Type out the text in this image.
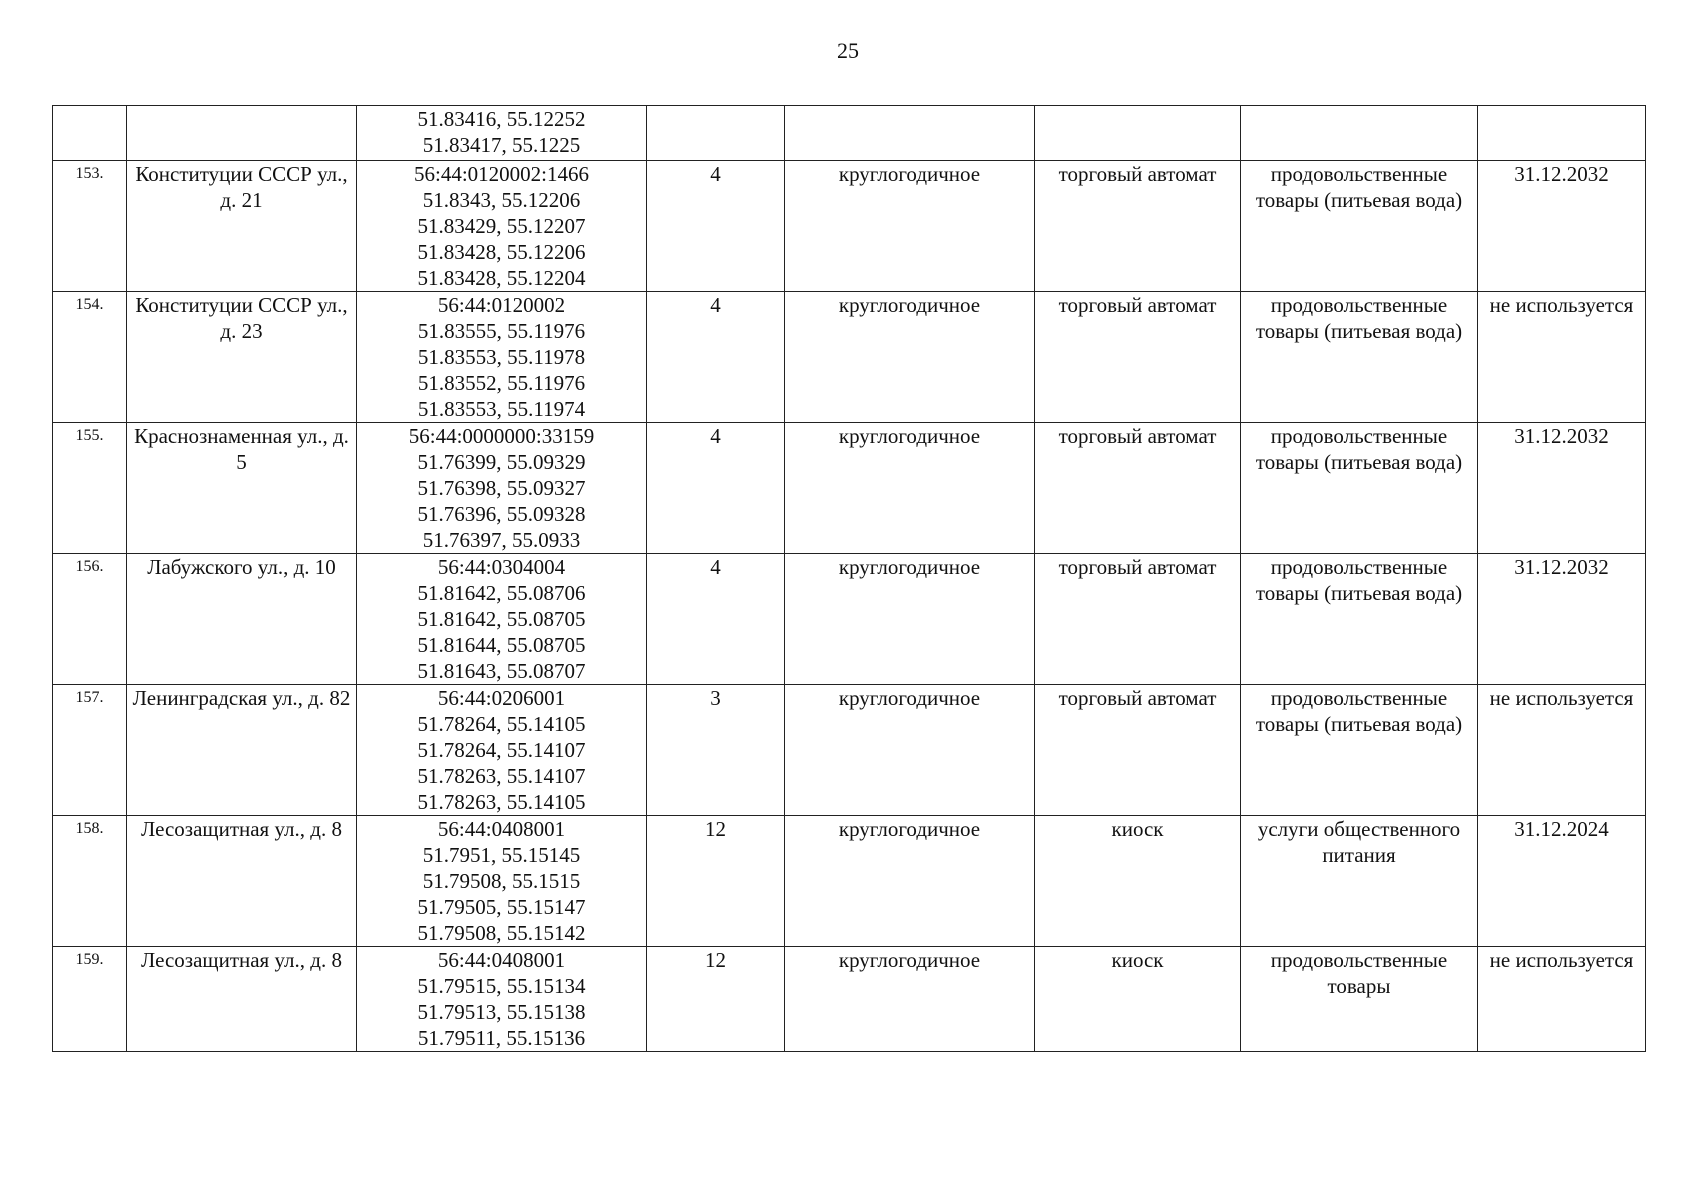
25

		51.83416, 55.12252
51.83417, 55.1225					

153.	Конституции СССР ул., д. 21	56:44:0120002:1466
51.8343, 55.12206
51.83429, 55.12207
51.83428, 55.12206
51.83428, 55.12204	4	круглогодичное	торговый автомат	продовольственные товары (питьевая вода)	31.12.2032
154.	Конституции СССР ул., д. 23	56:44:0120002
51.83555, 55.11976
51.83553, 55.11978
51.83552, 55.11976
51.83553, 55.11974	4	круглогодичное	торговый автомат	продовольственные товары (питьевая вода)	не используется
155.	Краснознаменная ул., д. 5	56:44:0000000:33159
51.76399, 55.09329
51.76398, 55.09327
51.76396, 55.09328
51.76397, 55.0933	4	круглогодичное	торговый автомат	продовольственные товары (питьевая вода)	31.12.2032
156.	Лабужского ул., д. 10	56:44:0304004
51.81642, 55.08706
51.81642, 55.08705
51.81644, 55.08705
51.81643, 55.08707	4	круглогодичное	торговый автомат	продовольственные товары (питьевая вода)	31.12.2032
157.	Ленинградская ул., д. 82	56:44:0206001
51.78264, 55.14105
51.78264, 55.14107
51.78263, 55.14107
51.78263, 55.14105	3	круглогодичное	торговый автомат	продовольственные товары (питьевая вода)	не используется
158.	Лесозащитная ул., д. 8	56:44:0408001
51.7951, 55.15145
51.79508, 55.1515
51.79505, 55.15147
51.79508, 55.15142	12	круглогодичное	киоск	услуги общественного питания	31.12.2024
159.	Лесозащитная ул., д. 8	56:44:0408001
51.79515, 55.15134
51.79513, 55.15138
51.79511, 55.15136	12	круглогодичное	киоск	продовольственные товары	не используется
